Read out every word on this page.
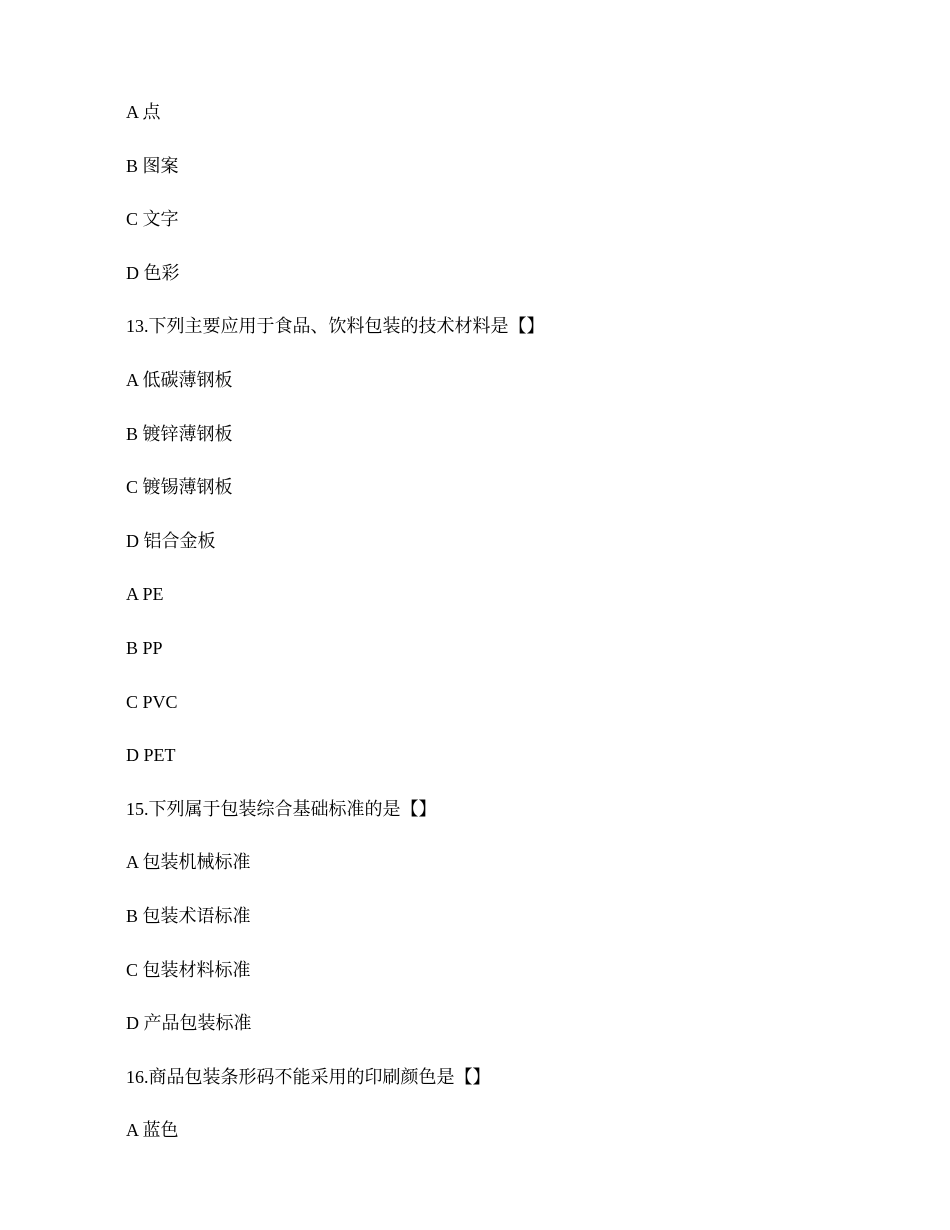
A 点
B 图案
C 文字
D 色彩
13.下列主要应用于食品、饮料包装的技术材料是【】
A 低碳薄钢板
B 镀锌薄钢板
C 镀锡薄钢板
D 铝合金板
A PE
B PP
C PVC
D PET
15.下列属于包装综合基础标准的是【】
A 包装机械标准
B 包装术语标准
C 包装材料标准
D 产品包装标准
16.商品包装条形码不能采用的印刷颜色是【】
A 蓝色
